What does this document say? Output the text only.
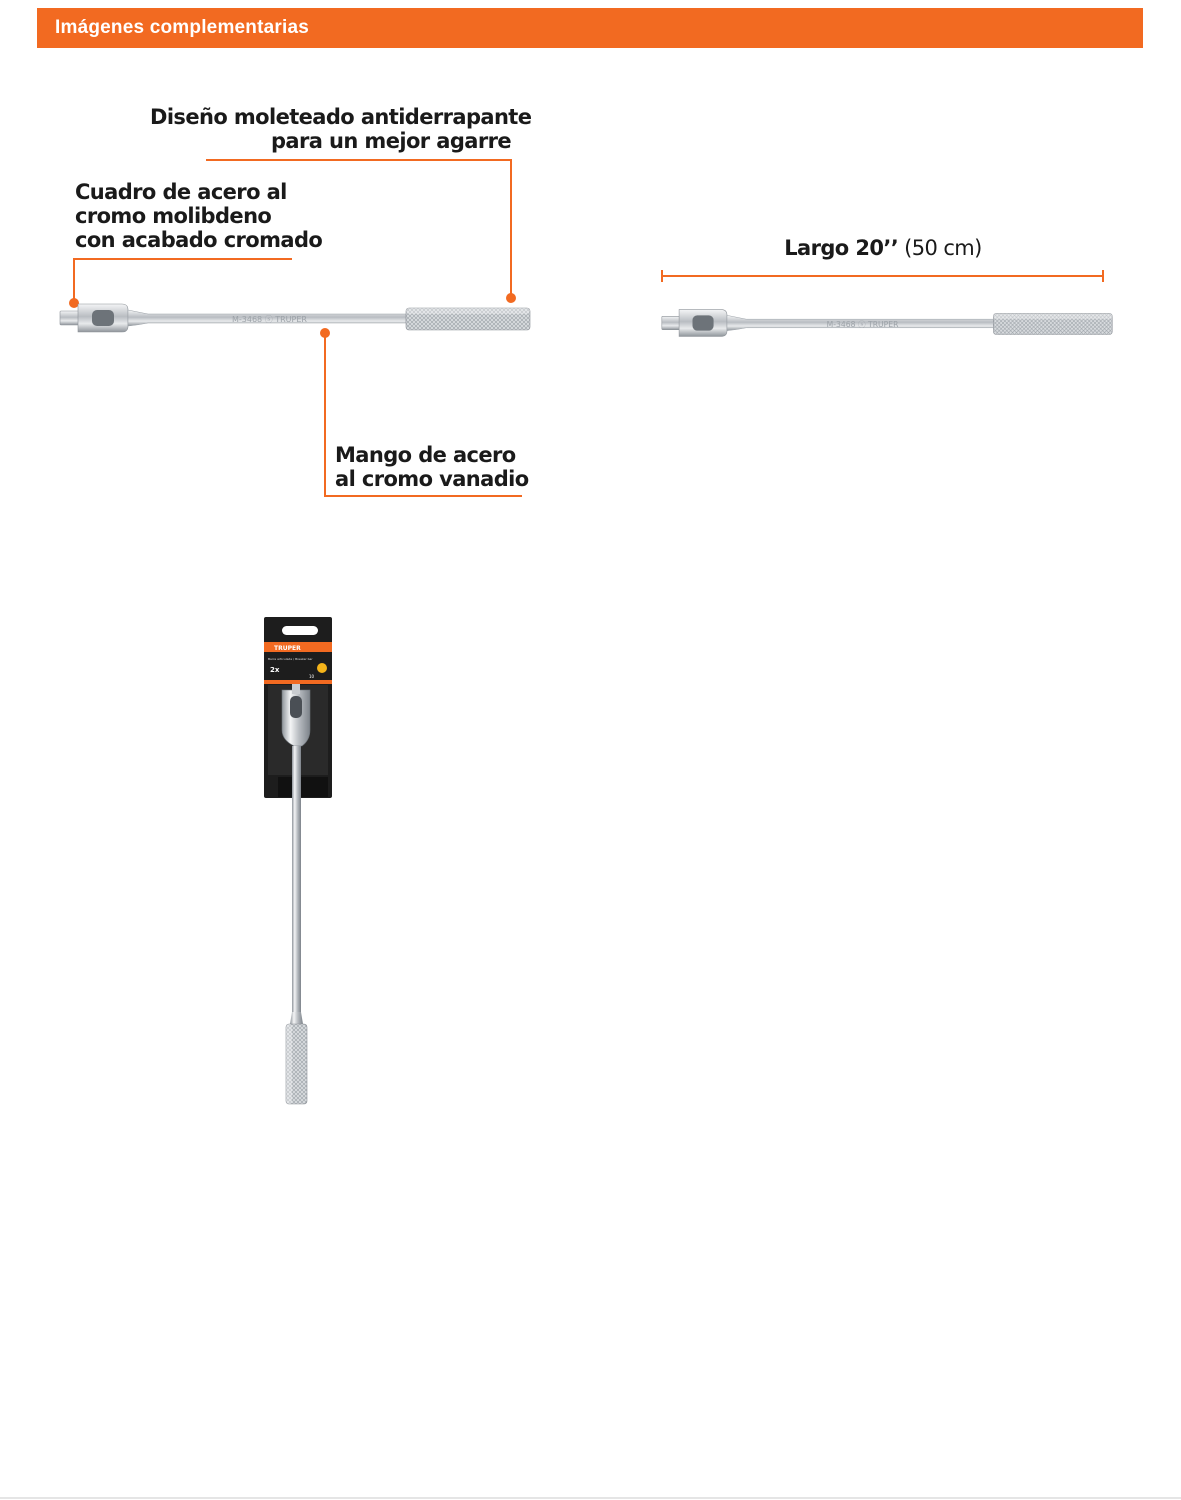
Imágenes complementarias
Diseño moleteado antiderrapante
para un mejor agarre
Cuadro de acero al
cromo molibdeno
con acabado cromado
Mango de acero
al cromo vanadio
M-3468 ⓢ TRUPER
Largo 20’’ (50 cm)
M-3468 ⓢ TRUPER
TRUPER
Barra articulada / Breaker bar
2x
10
